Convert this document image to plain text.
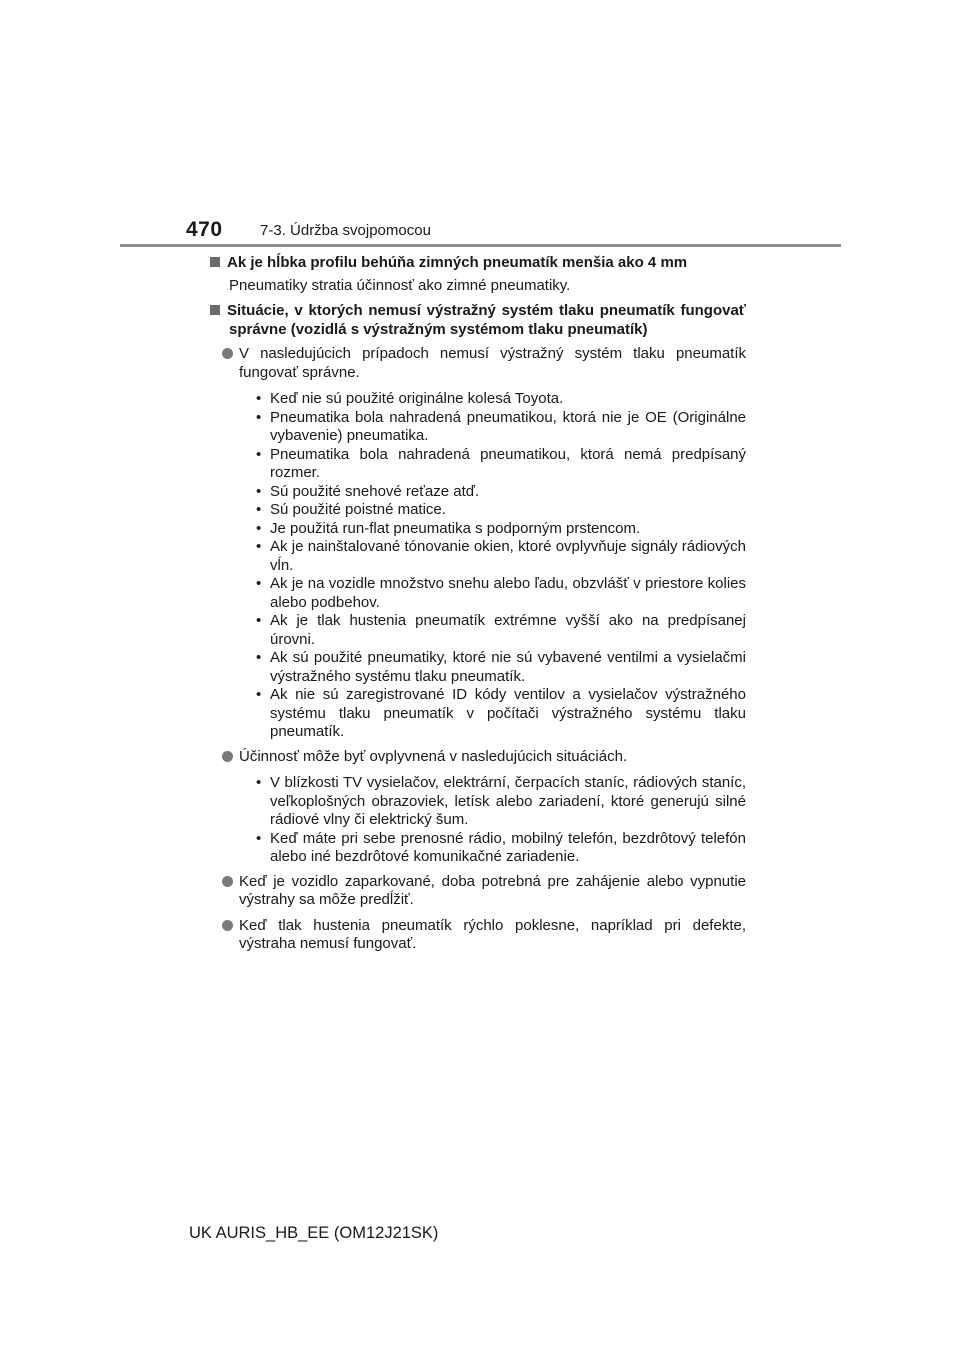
470 7-3. Údržba svojpomocou

Ak je hĺbka profilu behúňa zimných pneumatík menšia ako 4 mm

Pneumatiky stratia účinnosť ako zimné pneumatiky.

Situácie, v ktorých nemusí výstražný systém tlaku pneumatík fungovať správne (vozidlá s výstražným systémom tlaku pneumatík)

V nasledujúcich prípadoch nemusí výstražný systém tlaku pneumatík fungovať správne.

• Keď nie sú použité originálne kolesá Toyota.
• Pneumatika bola nahradená pneumatikou, ktorá nie je OE (Originálne vybavenie) pneumatika.
• Pneumatika bola nahradená pneumatikou, ktorá nemá predpísaný rozmer.
• Sú použité snehové reťaze atď.
• Sú použité poistné matice.
• Je použitá run-flat pneumatika s podporným prstencom.
• Ak je nainštalované tónovanie okien, ktoré ovplyvňuje signály rádiových vĺn.
• Ak je na vozidle množstvo snehu alebo ľadu, obzvlášť v priestore kolies alebo podbehov.
• Ak je tlak hustenia pneumatík extrémne vyšší ako na predpísanej úrovni.
• Ak sú použité pneumatiky, ktoré nie sú vybavené ventilmi a vysielačmi výstražného systému tlaku pneumatík.
• Ak nie sú zaregistrované ID kódy ventilov a vysielačov výstražného systému tlaku pneumatík v počítači výstražného systému tlaku pneumatík.

Účinnosť môže byť ovplyvnená v nasledujúcich situáciách.

• V blízkosti TV vysielačov, elektrární, čerpacích staníc, rádiových staníc, veľkoplošných obrazoviek, letísk alebo zariadení, ktoré generujú silné rádiové vlny či elektrický šum.
• Keď máte pri sebe prenosné rádio, mobilný telefón, bezdrôtový telefón alebo iné bezdrôtové komunikačné zariadenie.

Keď je vozidlo zaparkované, doba potrebná pre zahájenie alebo vypnutie výstrahy sa môže predĺžiť.

Keď tlak hustenia pneumatík rýchlo poklesne, napríklad pri defekte, výstraha nemusí fungovať.

UK AURIS_HB_EE (OM12J21SK)
